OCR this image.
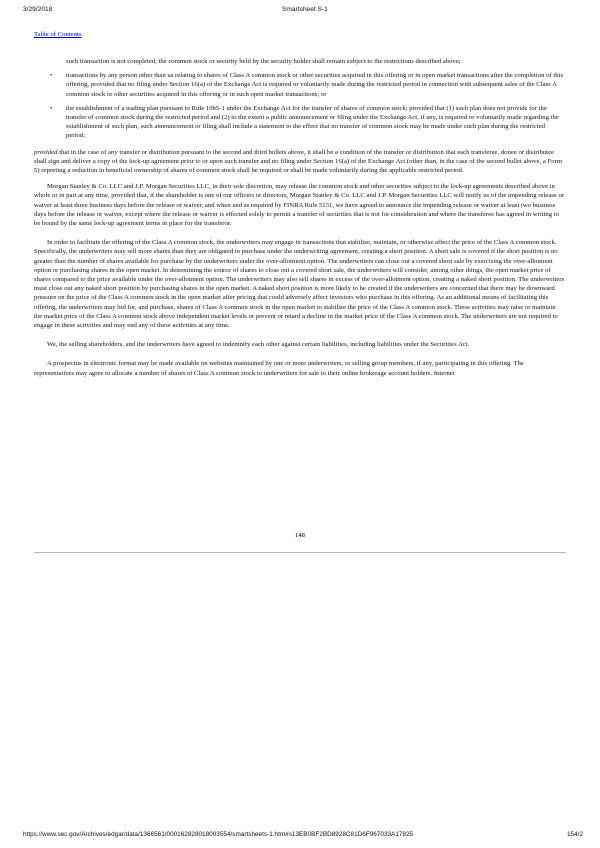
3/29/2018	Smartsheet S-1
Table of Contents

such transaction is not completed, the common stock or security held by the security holder shall remain subject to the restrictions described above;

• transactions by any person other than us relating to shares of Class A common stock or other securities acquired in this offering or in open market transactions after the completion of this offering, provided that no filing under Section 16(a) of the Exchange Act is required or voluntarily made during the restricted period in connection with subsequent sales of the Class A common stock or other securities acquired in this offering or in such open market transactions; or
• the establishment of a trading plan pursuant to Rule 10b5-1 under the Exchange Act for the transfer of shares of common stock; provided that (1) such plan does not provide for the transfer of common stock during the restricted period and (2) to the extent a public announcement or filing under the Exchange Act, if any, is required or voluntarily made regarding the establishment of such plan, such announcement or filing shall include a statement to the effect that no transfer of common stock may be made under such plan during the restricted period;

provided that in the case of any transfer or distribution pursuant to the second and third bullets above, it shall be a condition of the transfer or distribution that each transferee, donee or distributee shall sign and deliver a copy of the lock-up agreement prior to or upon such transfer and no filing under Section 16(a) of the Exchange Act (other than, in the case of the second bullet above, a Form 5) reporting a reduction in beneficial ownership of shares of common stock shall be required or shall be made voluntarily during the applicable restricted period.

Morgan Stanley & Co. LLC and J.P. Morgan Securities LLC, in their sole discretion, may release the common stock and other securities subject to the lock-up agreements described above in whole or in part at any time, provided that, if the shareholder is one of our officers or directors, Morgan Stanley & Co. LLC and J.P. Morgan Securities LLC will notify us of the impending release or waiver at least three business days before the release or waiver, and when and as required by FINRA Rule 5131, we have agreed to announce the impending release or waiver at least two business days before the release or waiver, except where the release or waiver is effected solely to permit a transfer of securities that is not for consideration and where the transferee has agreed in writing to be bound by the same lock-up agreement terms in place for the transferor.

In order to facilitate the offering of the Class A common stock, the underwriters may engage in transactions that stabilize, maintain, or otherwise affect the price of the Class A common stock. Specifically, the underwriters may sell more shares than they are obligated to purchase under the underwriting agreement, creating a short position. A short sale is covered if the short position is no greater than the number of shares available for purchase by the underwriters under the over-allotment option. The underwriters can close out a covered short sale by exercising the over-allotment option or purchasing shares in the open market. In determining the source of shares to close out a covered short sale, the underwriters will consider, among other things, the open market price of shares compared to the price available under the over-allotment option. The underwriters may also sell shares in excess of the over-allotment option, creating a naked short position. The underwriters must close out any naked short position by purchasing shares in the open market. A naked short position is more likely to be created if the underwriters are concerned that there may be downward pressure on the price of the Class A common stock in the open market after pricing that could adversely affect investors who purchase in this offering. As an additional means of facilitating this offering, the underwriters may bid for, and purchase, shares of Class A common stock in the open market to stabilize the price of the Class A common stock. These activities may raise or maintain the market price of the Class A common stock above independent market levels or prevent or retard a decline in the market price of the Class A common stock. The underwriters are not required to engage in these activities and may end any of these activities at any time.

We, the selling shareholders, and the underwriters have agreed to indemnify each other against certain liabilities, including liabilities under the Securities Act.

A prospectus in electronic format may be made available on websites maintained by one or more underwriters, or selling group members, if any, participating in this offering. The representatives may agree to allocate a number of shares of Class A common stock to underwriters for sale to their online brokerage account holders. Internet

148
https://www.sec.gov/Archives/edgar/data/1366561/000162828018003554/smartsheets-1.htm#s13EB0BF2BD8928C81D6F967033A17825	154/2
